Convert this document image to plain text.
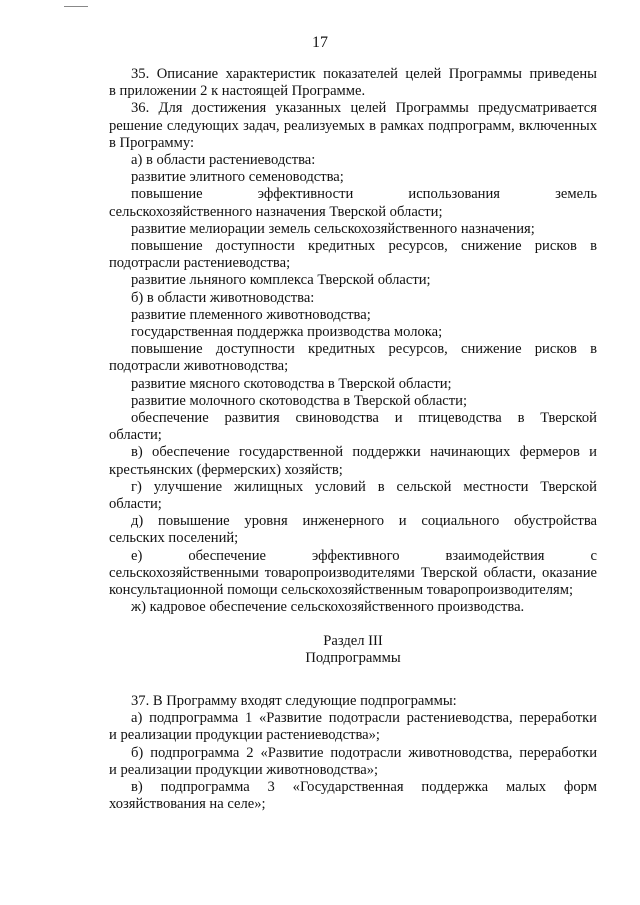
17

35. Описание характеристик показателей целей Программы приведены

в приложении 2 к настоящей Программе.

36. Для достижения указанных целей Программы предусматривается

решение следующих задач, реализуемых в рамках подпрограмм, включенных

в Программу:

а) в области растениеводства:

развитие элитного семеноводства;

повышение эффективности использования земель

сельскохозяйственного назначения Тверской области;

развитие мелиорации земель сельскохозяйственного назначения;

повышение доступности кредитных ресурсов, снижение рисков в

подотрасли растениеводства;

развитие льняного комплекса Тверской области;

б) в области животноводства:

развитие племенного животноводства;

государственная поддержка производства молока;

повышение доступности кредитных ресурсов, снижение рисков в

подотрасли животноводства;

развитие мясного скотоводства в Тверской области;

развитие молочного скотоводства в Тверской области;

обеспечение развития свиноводства и птицеводства в Тверской

области;

в) обеспечение государственной поддержки начинающих фермеров и

крестьянских (фермерских) хозяйств;

г) улучшение жилищных условий в сельской местности Тверской

области;

д) повышение уровня инженерного и социального обустройства

сельских поселений;

е) обеспечение эффективного взаимодействия с

сельскохозяйственными товаропроизводителями Тверской области, оказание

консультационной помощи сельскохозяйственным товаропроизводителям;

ж) кадровое обеспечение сельскохозяйственного производства.

Раздел III

Подпрограммы

37. В Программу входят следующие подпрограммы:

а) подпрограмма 1 «Развитие подотрасли растениеводства, переработки

и реализации продукции растениеводства»;

б) подпрограмма 2 «Развитие подотрасли животноводства, переработки

и реализации продукции животноводства»;

в) подпрограмма 3 «Государственная поддержка малых форм

хозяйствования на селе»;
